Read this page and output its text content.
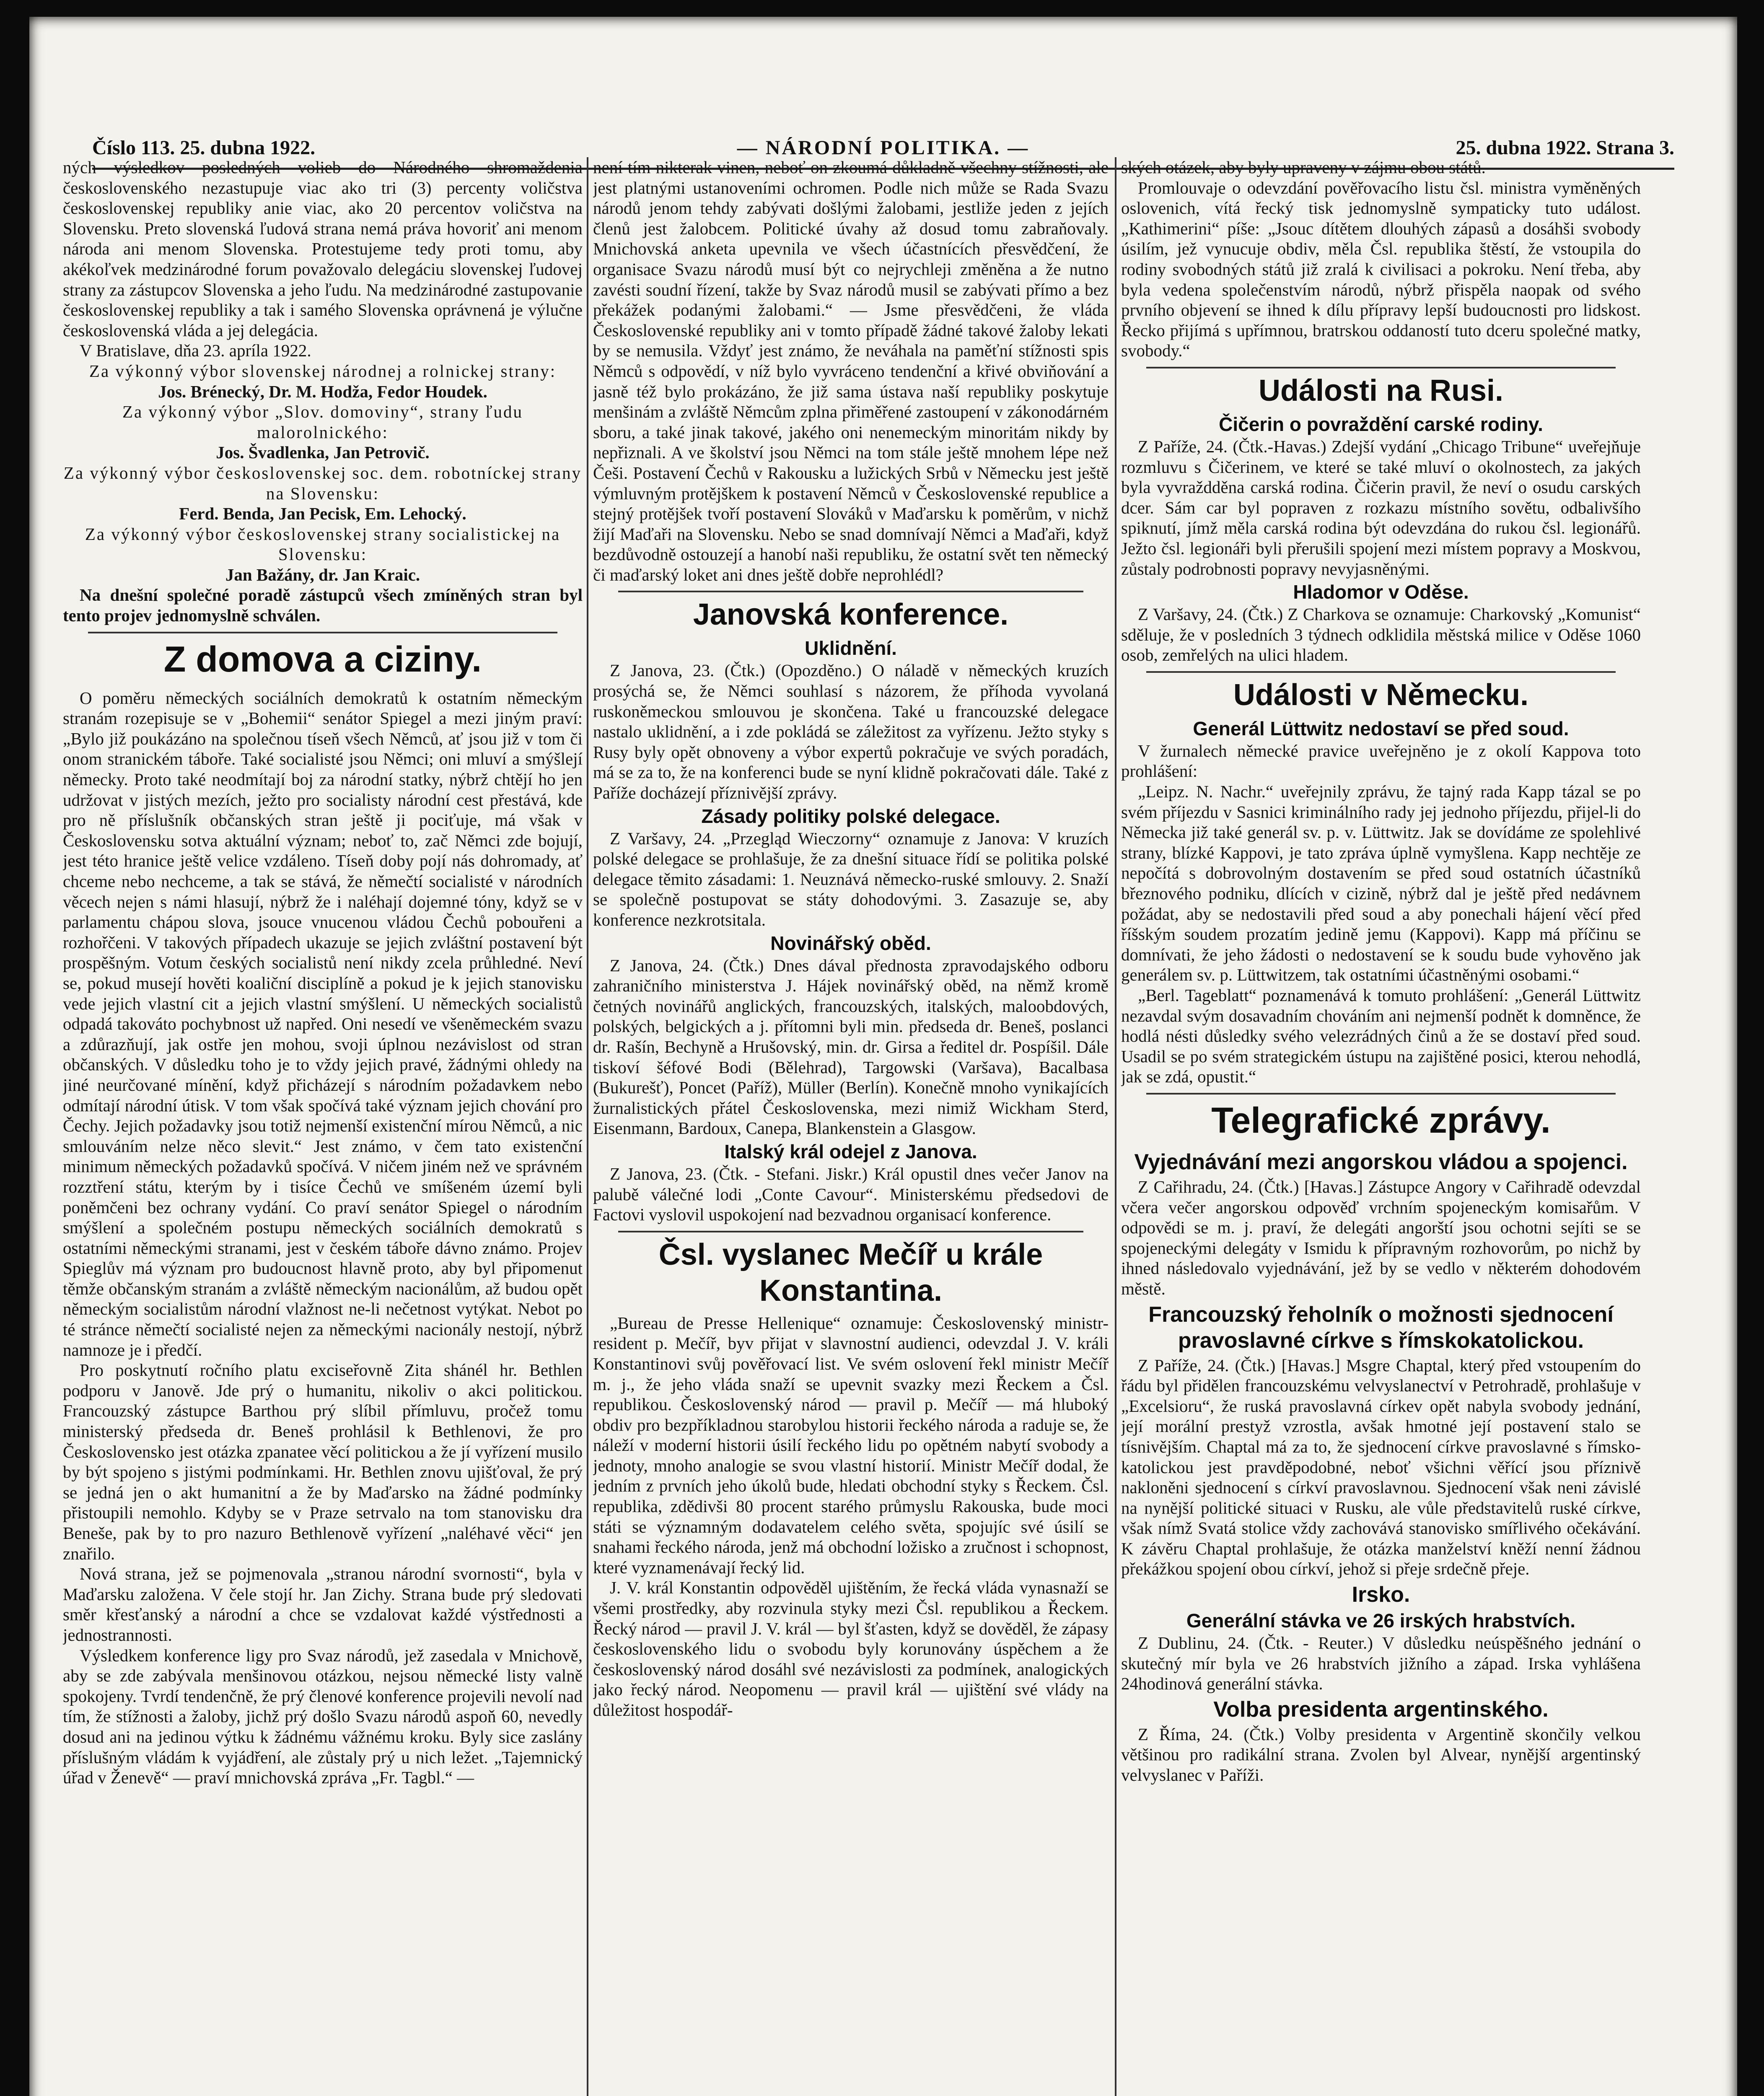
Číslo 113. 25. dubna 1922.	— NÁRODNÍ POLITIKA. —	25. dubna 1922. Strana 3.

ných výsledkov posledných volieb do Národného shromaždenia československého nezastupuje viac ako tri (3) percenty voličstva československej republiky anie viac, ako 20 percentov voličstva na Slovensku. Preto slovenská ľudová strana nemá práva hovoriť ani menom národa ani menom Slovenska. Protestujeme tedy proti tomu, aby akékoľvek medzinárodné forum považovalo delegáciu slovenskej ľudovej strany za zástupcov Slovenska a jeho ľudu. Na medzinárodné zastupovanie československej republiky a tak i samého Slovenska oprávnená je výlučne československá vláda a jej delegácia.

V Bratislave, dňa 23. apríla 1922.

Za výkonný výbor slovenskej národnej a rolnickej strany:

Jos. Brénecký, Dr. M. Hodža, Fedor Houdek.

Za výkonný výbor „Slov. domoviny“, strany ľudu malorolnického:

Jos. Švadlenka, Jan Petrovič.

Za výkonný výbor československej soc. dem. robotníckej strany na Slovensku:

Ferd. Benda, Jan Pecisk, Em. Lehocký.

Za výkonný výbor československej strany socialistickej na Slovensku:

Jan Bažány, dr. Jan Kraic.

Na dnešní společné poradě zástupců všech zmíněných stran byl tento projev jednomyslně schválen.

Z domova a ciziny.

O poměru německých sociálních demokratů k ostatním německým stranám rozepisuje se v „Bohemii“ senátor Spiegel a mezi jiným praví: „Bylo již poukázáno na společnou tíseň všech Němců, ať jsou již v tom či onom stranickém táboře. Také socialisté jsou Němci; oni mluví a smýšlejí německy. Proto také neodmítají boj za národní statky, nýbrž chtějí ho jen udržovat v jistých mezích, ježto pro socialisty národní cest přestává, kde pro ně příslušník občanských stran ještě ji pociťuje, má však v Československu sotva aktuální význam; neboť to, zač Němci zde bojují, jest této hranice ještě velice vzdáleno. Tíseň doby pojí nás dohromady, ať chceme nebo nechceme, a tak se stává, že němečtí socialisté v národních věcech nejen s námi hlasují, nýbrž že i naléhají dojemné tóny, když se v parlamentu chápou slova, jsouce vnucenou vládou Čechů pobouřeni a rozhořčeni. V takových případech ukazuje se jejich zvláštní postavení být prospěšným. Votum českých socialistů není nikdy zcela průhledné. Neví se, pokud musejí hověti koaliční disciplíně a pokud je k jejich stanovisku vede jejich vlastní cit a jejich vlastní smýšlení. U německých socialistů odpadá takováto pochybnost už napřed. Oni nesedí ve všeněmeckém svazu a zdůrazňují, jak ostře jen mohou, svoji úplnou nezávislost od stran občanských. V důsledku toho je to vždy jejich pravé, žádnými ohledy na jiné neurčované mínění, když přicházejí s národním požadavkem nebo odmítají národní útisk. V tom však spočívá také význam jejich chování pro Čechy. Jejich požadavky jsou totiž nejmenší existenční mírou Němců, a nic smlouváním nelze něco slevit.“ Jest známo, v čem tato existenční minimum německých požadavků spočívá. V ničem jiném než ve správném rozztření státu, kterým by i tisíce Čechů ve smíšeném území byli poněmčeni bez ochrany vydání. Co praví senátor Spiegel o národním smýšlení a společném postupu německých sociálních demokratů s ostatními německými stranami, jest v českém táboře dávno známo. Projev Spieglův má význam pro budoucnost hlavně proto, aby byl připomenut těmže občanským stranám a zvláště německým nacionálům, až budou opět německým socialistům národní vlažnost ne-li nečetnost vytýkat. Nebot po té stránce němečtí socialisté nejen za německými nacionály nestojí, nýbrž namnoze je i předčí.

Pro poskytnutí ročního platu exciseřovně Zita shánél hr. Bethlen podporu v Janově. Jde prý o humanitu, nikoliv o akci politickou. Francouzský zástupce Barthou prý slíbil přímluvu, pročež tomu ministerský předseda dr. Beneš prohlásil k Bethlenovi, že pro Československo jest otázka zpanatee věcí politickou a že jí vyřízení musilo by být spojeno s jistými podmínkami. Hr. Bethlen znovu ujišťoval, že prý se jedná jen o akt humanitní a že by Maďarsko na žádné podmínky přistoupili nemohlo. Kdyby se v Praze setrvalo na tom stanovisku dra Beneše, pak by to pro nazuro Bethlenově vyřízení „naléhavé věci“ jen znařilo.

Nová strana, jež se pojmenovala „stranou národní svornosti“, byla v Maďarsku založena. V čele stojí hr. Jan Zichy. Strana bude prý sledovati směr křesťanský a národní a chce se vzdalovat každé výstřednosti a jednostrannosti.

Výsledkem konference ligy pro Svaz národů, jež zasedala v Mnichově, aby se zde zabývala menšinovou otázkou, nejsou německé listy valně spokojeny. Tvrdí tendenčně, že prý členové konference projevili nevolí nad tím, že stížnosti a žaloby, jichž prý došlo Svazu národů aspoň 60, nevedly dosud ani na jedinou výtku k žádnému vážnému kroku. Byly sice zaslány příslušným vládám k vyjádření, ale zůstaly prý u nich ležet. „Tajemnický úřad v Ženevě“ — praví mnichovská zpráva „Fr. Tagbl.“ —

není tím nikterak vinen, neboť on zkoumá důkladně všechny stížnosti, ale jest platnými ustanoveními ochromen. Podle nich může se Rada Svazu národů jenom tehdy zabývati došlými žalobami, jestliže jeden z jejích členů jest žalobcem. Politické úvahy až dosud tomu zabraňovaly. Mnichovská anketa upevnila ve všech účastnících přesvědčení, že organisace Svazu národů musí být co nejrychleji změněna a že nutno zavésti soudní řízení, takže by Svaz národů musil se zabývati přímo a bez překážek podanými žalobami.“ — Jsme přesvědčeni, že vláda Československé republiky ani v tomto případě žádné takové žaloby lekati by se nemusila. Vždyť jest známo, že neváhala na paměťní stížnosti spis Němců s odpovědí, v níž bylo vyvráceno tendenční a křivé obviňování a jasně též bylo prokázáno, že již sama ústava naší republiky poskytuje menšinám a zvláště Němcům zplna přiměřené zastoupení v zákonodárném sboru, a také jinak takové, jakého oni nenemeckým minoritám nikdy by nepřiznali. A ve školství jsou Němci na tom stále ještě mnohem lépe než Češi. Postavení Čechů v Rakousku a lužických Srbů v Německu jest ještě výmluvným protějškem k postavení Němců v Československé republice a stejný protějšek tvoří postavení Slováků v Maďarsku k poměrům, v nichž žijí Maďaři na Slovensku. Nebo se snad domnívají Němci a Maďaři, když bezdůvodně ostouzejí a hanobí naši republiku, že ostatní svět ten německý či maďarský loket ani dnes ještě dobře neprohlédl?

Janovská konference.
Uklidnění.

Z Janova, 23. (Čtk.) (Opozděno.) O náladě v německých kruzích prosýchá se, že Němci souhlasí s názorem, že příhoda vyvolaná ruskoněmeckou smlouvou je skončena. Také u francouzské delegace nastalo uklidnění, a i zde pokládá se záležitost za vyřízenu. Ježto styky s Rusy byly opět obnoveny a výbor expertů pokračuje ve svých poradách, má se za to, že na konferenci bude se nyní klidně pokračovati dále. Také z Paříže docházejí příznivější zprávy.

Zásady politiky polské delegace.

Z Varšavy, 24. „Przegląd Wieczorny“ oznamuje z Janova: V kruzích polské delegace se prohlašuje, že za dnešní situace řídí se politika polské delegace těmito zásadami: 1. Neuznává německo-ruské smlouvy. 2. Snaží se společně postupovat se státy dohodovými. 3. Zasazuje se, aby konference nezkrotsitala.

Novinářský oběd.

Z Janova, 24. (Čtk.) Dnes dával přednosta zpravodajského odboru zahraničního ministerstva J. Hájek novinářský oběd, na němž kromě četných novinářů anglických, francouzských, italských, maloobdových, polských, belgických a j. přítomni byli min. předseda dr. Beneš, poslanci dr. Rašín, Bechyně a Hrušovský, min. dr. Girsa a ředitel dr. Pospíšil. Dále tiskoví šéfové Bodi (Bělehrad), Targowski (Varšava), Bacalbasa (Bukurešť), Poncet (Paříž), Müller (Berlín). Konečně mnoho vynikajících žurnalistických přátel Československa, mezi nimiž Wickham Sterd, Eisenmann, Bardoux, Canepa, Blankenstein a Glasgow.

Italský král odejel z Janova.

Z Janova, 23. (Čtk. - Stefani. Jiskr.) Král opustil dnes večer Janov na palubě válečné lodi „Conte Cavour“. Ministerskému předsedovi de Factovi vyslovil uspokojení nad bezvadnou organisací konference.

Čsl. vyslanec Mečíř u krále Konstantina.

„Bureau de Presse Hellenique“ oznamuje: Československý ministr-resident p. Mečíř, byv přijat v slavnostní audienci, odevzdal J. V. králi Konstantinovi svůj pověřovací list. Ve svém oslovení řekl ministr Mečíř m. j., že jeho vláda snaží se upevnit svazky mezi Řeckem a Čsl. republikou. Československý národ — pravil p. Mečíř — má hluboký obdiv pro bezpříkladnou starobylou historii řeckého národa a raduje se, že náleží v moderní historii úsilí řeckého lidu po opětném nabytí svobody a jednoty, mnoho analogie se svou vlastní historií. Ministr Mečíř dodal, že jedním z prvních jeho úkolů bude, hledati obchodní styky s Řeckem. Čsl. republika, zdědivši 80 procent starého průmyslu Rakouska, bude moci státi se významným dodavatelem celého světa, spojujíc své úsilí se snahami řeckého národa, jenž má obchodní ložisko a zručnost i schopnost, které vyznamenávají řecký lid.

J. V. král Konstantin odpověděl ujištěním, že řecká vláda vynasnaží se všemi prostředky, aby rozvinula styky mezi Čsl. republikou a Řeckem. Řecký národ — pravil J. V. král — byl šťasten, když se dověděl, že zápasy československého lidu o svobodu byly korunovány úspěchem a že československý národ dosáhl své nezávislosti za podmínek, analogických jako řecký národ. Neopomenu — pravil král — ujištění své vlády na důležitost hospodář-

ských otázek, aby byly upraveny v zájmu obou států.

Promlouvaje o odevzdání pověřovacího listu čsl. ministra vyměněných oslovenich, vítá řecký tisk jednomyslně sympaticky tuto událost. „Kathimerini“ píše: „Jsouc dítětem dlouhých zápasů a dosáhši svobody úsilím, jež vynucuje obdiv, měla Čsl. republika štěstí, že vstoupila do rodiny svobodných států již zralá k civilisaci a pokroku. Není třeba, aby byla vedena společenstvím národů, nýbrž přispěla naopak od svého prvního objevení se ihned k dílu přípravy lepší budoucnosti pro lidskost. Řecko přijímá s upřímnou, bratrskou oddaností tuto dceru společné matky, svobody.“

Události na Rusi.
Čičerin o povraždění carské rodiny.

Z Paříže, 24. (Čtk.-Havas.) Zdejší vydání „Chicago Tribune“ uveřejňuje rozmluvu s Čičerinem, ve které se také mluví o okolnostech, za jakých byla vyvraždděna carská rodina. Čičerin pravil, že neví o osudu carských dcer. Sám car byl popraven z rozkazu místního sovětu, odbalivšího spiknutí, jímž měla carská rodina být odevzdána do rukou čsl. legionářů. Ježto čsl. legionáři byli přerušili spojení mezi místem popravy a Moskvou, zůstaly podrobnosti popravy nevyjasněnými.

Hladomor v Oděse.

Z Varšavy, 24. (Čtk.) Z Charkova se oznamuje: Charkovský „Komunist“ sděluje, že v posledních 3 týdnech odklidila městská milice v Oděse 1060 osob, zemřelých na ulici hladem.

Události v Německu.
Generál Lüttwitz nedostaví se před soud.

V žurnalech německé pravice uveřejněno je z okolí Kappova toto prohlášení:

„Leipz. N. Nachr.“ uveřejnily zprávu, že tajný rada Kapp tázal se po svém příjezdu v Sasnici kriminálního rady jej jednoho příjezdu, přijel-li do Německa již také generál sv. p. v. Lüttwitz. Jak se dovídáme ze spolehlivé strany, blízké Kappovi, je tato zpráva úplně vymyšlena. Kapp nechtěje ze nepočítá s dobrovolným dostavením se před soud ostatních účastníků březnového podniku, dlících v cizině, nýbrž dal je ještě před nedávnem požádat, aby se nedostavili před soud a aby ponechali hájení věcí před říšským soudem prozatím jedině jemu (Kappovi). Kapp má příčinu se domnívati, že jeho žádosti o nedostavení se k soudu bude vyhověno jak generálem sv. p. Lüttwitzem, tak ostatními účastněnými osobami.“

„Berl. Tageblatt“ poznamenává k tomuto prohlášení: „Generál Lüttwitz nezavdal svým dosavadním chováním ani nejmenší podnět k domněnce, že hodlá nésti důsledky svého velezrádných činů a že se dostaví před soud. Usadil se po svém strategickém ústupu na zajištěné posici, kterou nehodlá, jak se zdá, opustit.“

Telegrafické zprávy.
Vyjednávání mezi angorskou vládou a spojenci.

Z Cařihradu, 24. (Čtk.) [Havas.] Zástupce Angory v Cařihradě odevzdal včera večer angorskou odpověď vrchním spojeneckým komisařům. V odpovědi se m. j. praví, že delegáti angorští jsou ochotni sejíti se se spojeneckými delegáty v Ismidu k přípravným rozhovorům, po nichž by ihned následovalo vyjednávání, jež by se vedlo v některém dohodovém městě.

Francouzský řeholník o možnosti sjednocení pravoslavné církve s římskokatolickou.

Z Paříže, 24. (Čtk.) [Havas.] Msgre Chaptal, který před vstoupením do řádu byl přidělen francouzskému velvyslanectví v Petrohradě, prohlašuje v „Excelsioru“, že ruská pravoslavná církev opět nabyla svobody jednání, její morální prestyž vzrostla, avšak hmotné její postavení stalo se tísnivějším. Chaptal má za to, že sjednocení církve pravoslavné s římsko-katolickou jest pravděpodobné, neboť všichni věřící jsou příznivě nakloněni sjednocení s církví pravoslavnou. Sjednocení však neni závislé na nynější politické situaci v Rusku, ale vůle představitelů ruské církve, však nímž Svatá stolice vždy zachovává stanovisko smířlivého očekávání. K závěru Chaptal prohlašuje, že otázka manželství kněží nenní žádnou překážkou spojení obou církví, jehož si přeje srdečně přeje.

Irsko.
Generální stávka ve 26 irských hrabstvích.

Z Dublinu, 24. (Čtk. - Reuter.) V důsledku neúspěšného jednání o skutečný mír byla ve 26 hrabstvích jižního a západ. Irska vyhlášena 24hodinová generální stávka.

Volba presidenta argentinského.

Z Říma, 24. (Čtk.) Volby presidenta v Argentině skončily velkou většinou pro radikální strana. Zvolen byl Alvear, nynější argentinský velvyslanec v Paříži.
